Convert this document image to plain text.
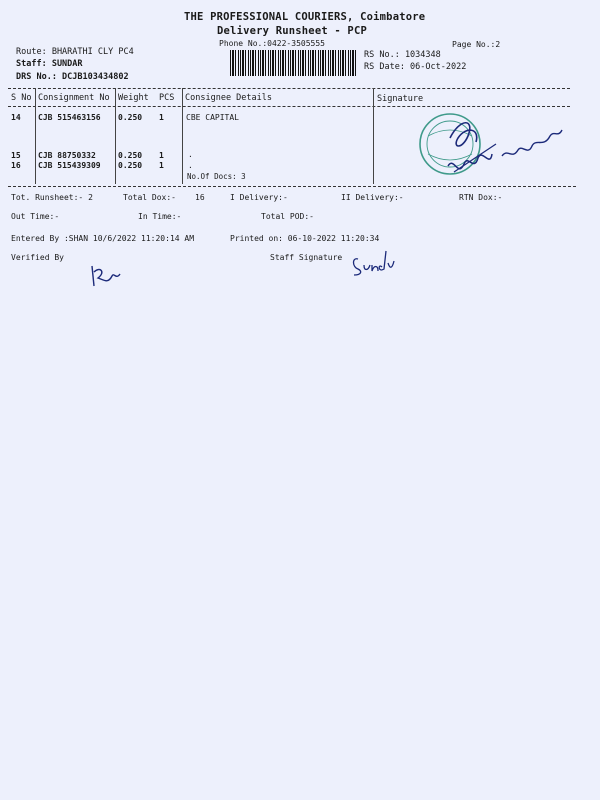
THE PROFESSIONAL COURIERS, Coimbatore
Delivery Runsheet - PCP
Phone No.:0422-3505555	Page No.:2
Route: BHARATHI CLY PC4
Staff: SUNDAR
DRS No.: DCJB103434802
RS No.: 1034348
RS Date: 06-Oct-2022
S No Consignment No Weight PCS Consignee Details	Signature
14 CJB 515463156 0.250 1	CBE CAPITAL
15 CJB 88750332	0.250 1	.
16 CJB 515439309 0.250 1	.
No.Of Docs: 3
Tot. Runsheet:- 2	Total Dox:- 16	I Delivery:-	II Delivery:-	RTN Dox:-
Out Time:-	In Time:-	Total POD:-
Entered By :SHAN 10/6/2022 11:20:14 AM	Printed on: 06-10-2022 11:20:34
Verified By	Staff Signature
